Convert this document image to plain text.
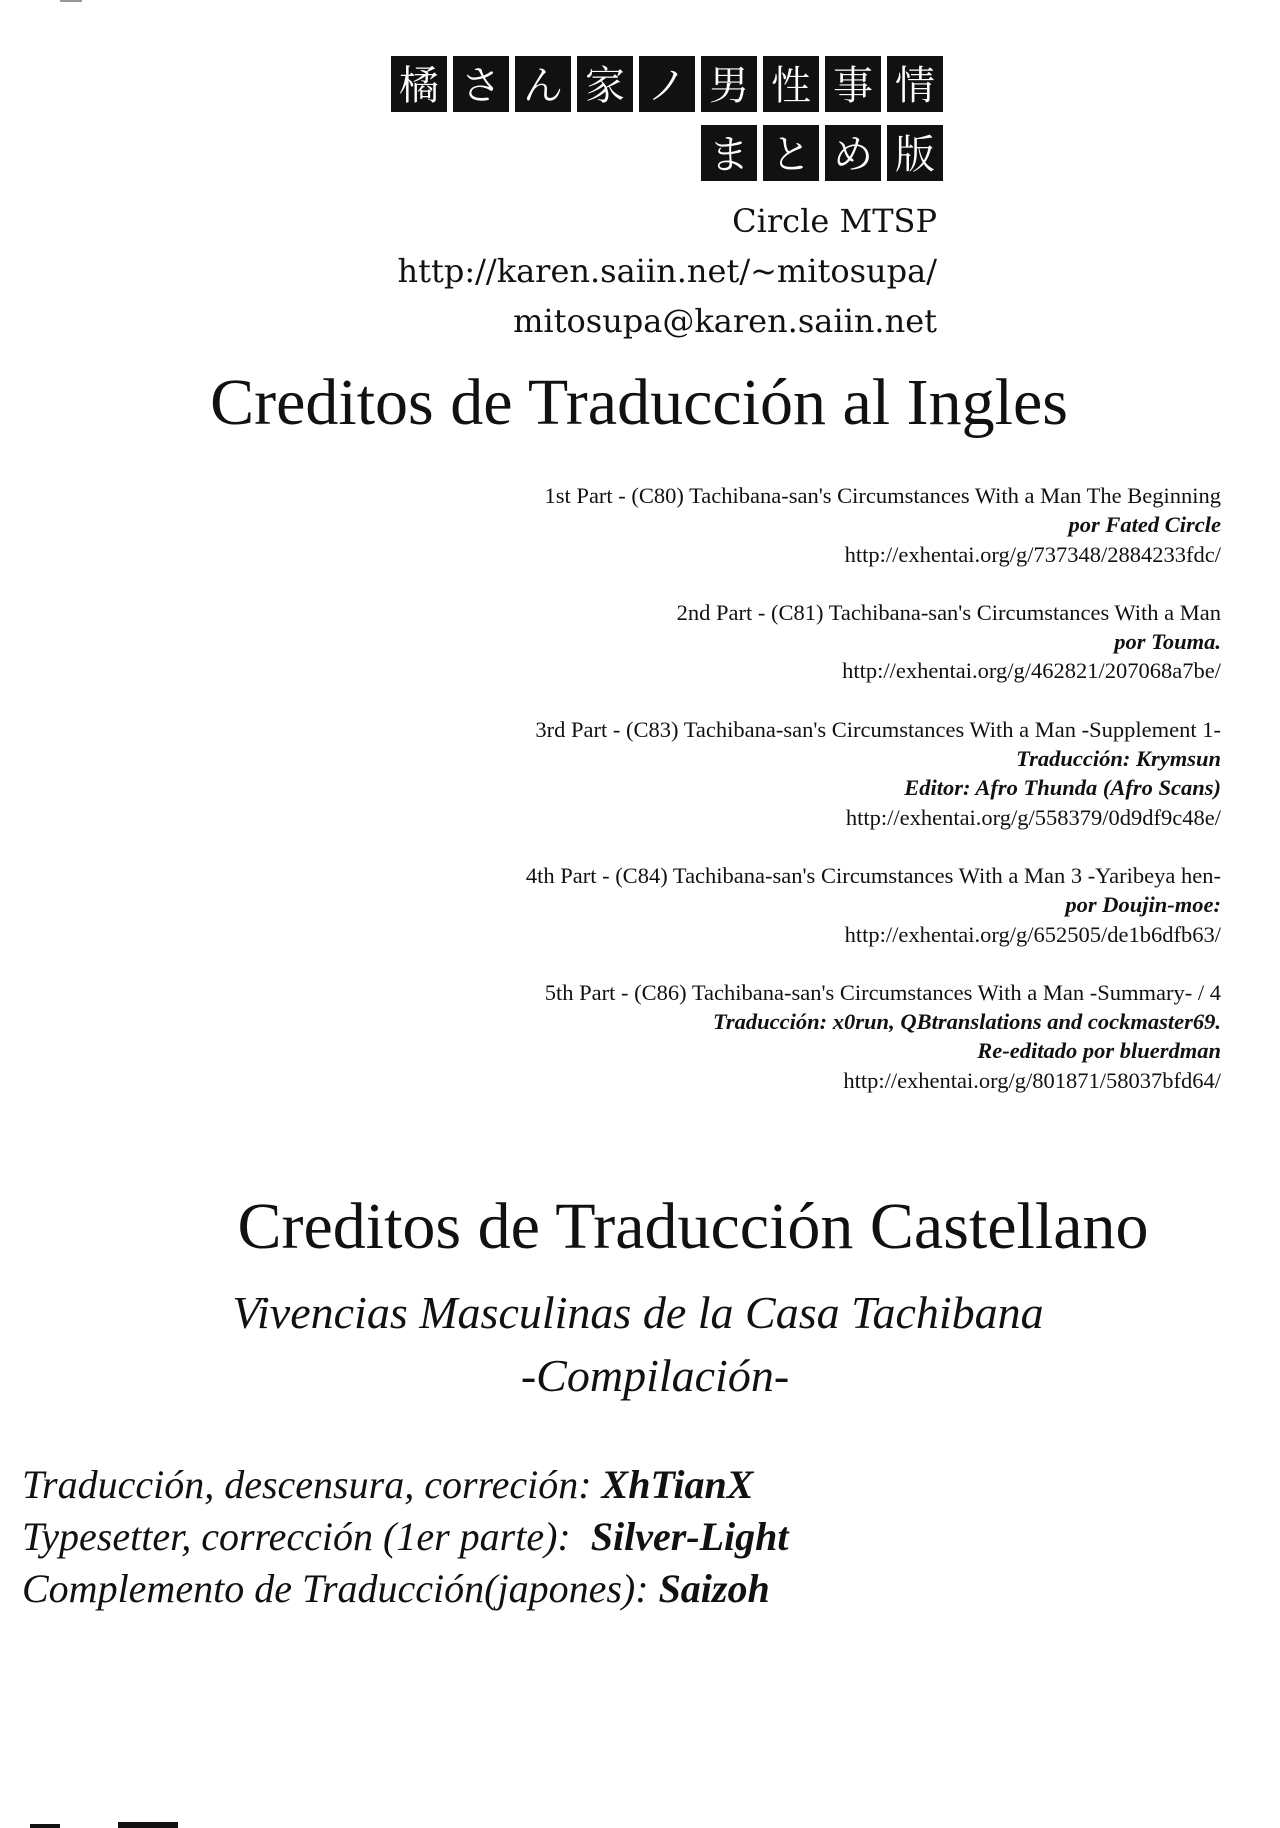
橘 さ ん 家 ノ 男 性 事 情
ま と め 版
Circle MTSP
http://karen.saiin.net/~mitosupa/
mitosupa@karen.saiin.net
Creditos de Traducción al Ingles
1st Part - (C80) Tachibana-san's Circumstances With a Man The Beginning
por Fated Circle
http://exhentai.org/g/737348/2884233fdc/
2nd Part - (C81) Tachibana-san's Circumstances With a Man
por Touma.
http://exhentai.org/g/462821/207068a7be/
3rd Part - (C83) Tachibana-san's Circumstances With a Man -Supplement 1-
Traducción: Krymsun
Editor: Afro Thunda (Afro Scans)
http://exhentai.org/g/558379/0d9df9c48e/
4th Part - (C84) Tachibana-san's Circumstances With a Man 3 -Yaribeya hen-
por Doujin-moe:
http://exhentai.org/g/652505/de1b6dfb63/
5th Part - (C86) Tachibana-san's Circumstances With a Man -Summary- / 4
Traducción: x0run, QBtranslations and cockmaster69.
Re-editado por bluerdman
http://exhentai.org/g/801871/58037bfd64/
Creditos de Traducción Castellano
Vivencias Masculinas de la Casa Tachibana
-Compilación-
Traducción, descensura, correción: XhTianX
Typesetter, corrección (1er parte):  Silver-Light
Complemento de Traducción(japones): Saizoh
